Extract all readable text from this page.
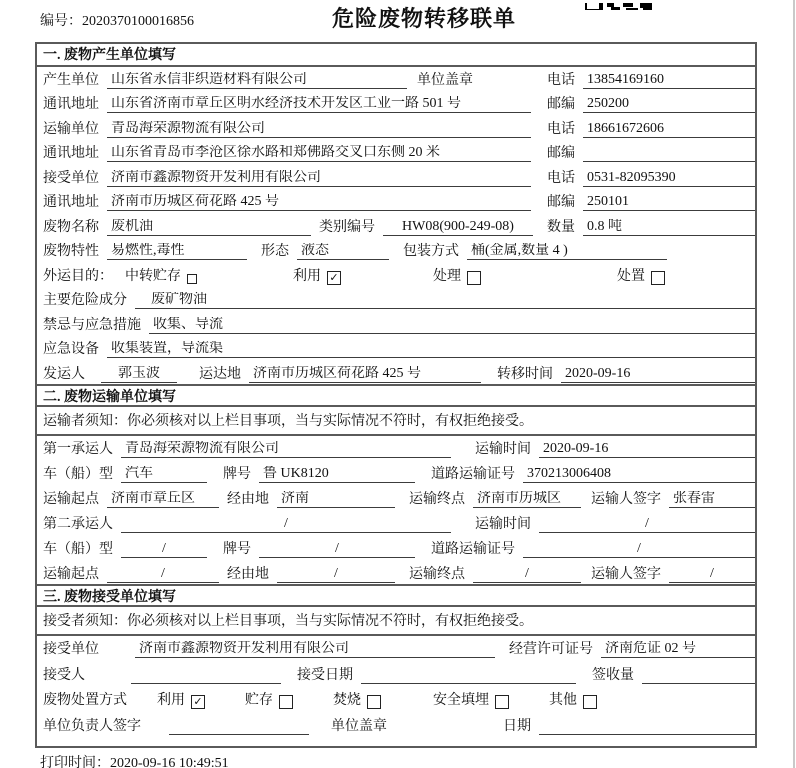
编号：2020370100016856	危险废物转移联单
一. 废物产生单位填写
产生单位 山东省永信非织造材料有限公司	单位盖章	电话 13854169160
通讯地址 山东省济南市章丘区明水经济技术开发区工业一路 501 号	邮编 250200
运输单位 青岛海荣源物流有限公司	电话 18661672606
通讯地址 山东省青岛市李沧区徐水路和郑佛路交叉口东侧 20 米	邮编
接受单位 济南市鑫源物资开发利用有限公司	电话 0531-82095390
通讯地址 济南市历城区荷花路 425 号	邮编 250101
废物名称 废机油	类别编号	HW08(900-249-08)	数量 0.8 吨
废物特性 易燃性,毒性	形态 液态	包装方式 桶(金属,数量 4 )
外运目的： 中转贮存	利用 ✓	处理	处置
主要危险成分	废矿物油
禁忌与应急措施 收集、导流
应急设备 收集装置，导流渠
发运人	郭玉波	运达地 济南市历城区荷花路 425 号	转移时间 2020-09-16
二. 废物运输单位填写
运输者须知：你必须核对以上栏目事项，当与实际情况不符时，有权拒绝接受。
第一承运人 青岛海荣源物流有限公司	运输时间 2020-09-16
车（船）型 汽车	牌号 鲁 UK8120	道路运输证号 370213006408
运输起点 济南市章丘区	经由地 济南	运输终点 济南市历城区	运输人签字 张春雷
第二承运人	/	运输时间	/
车（船）型	/	牌号	/	道路运输证号	/
运输起点	/	经由地	/	运输终点	/	运输人签字	/
三. 废物接受单位填写
接受者须知：你必须核对以上栏目事项，当与实际情况不符时，有权拒绝接受。
接受单位	济南市鑫源物资开发利用有限公司	经营许可证号 济南危证 02 号
接受人	接受日期	签收量
废物处置方式 利用 ✓	贮存	焚烧	安全填埋	其他
单位负责人签字	单位盖章	日期
打印时间：2020-09-16 10:49:51
